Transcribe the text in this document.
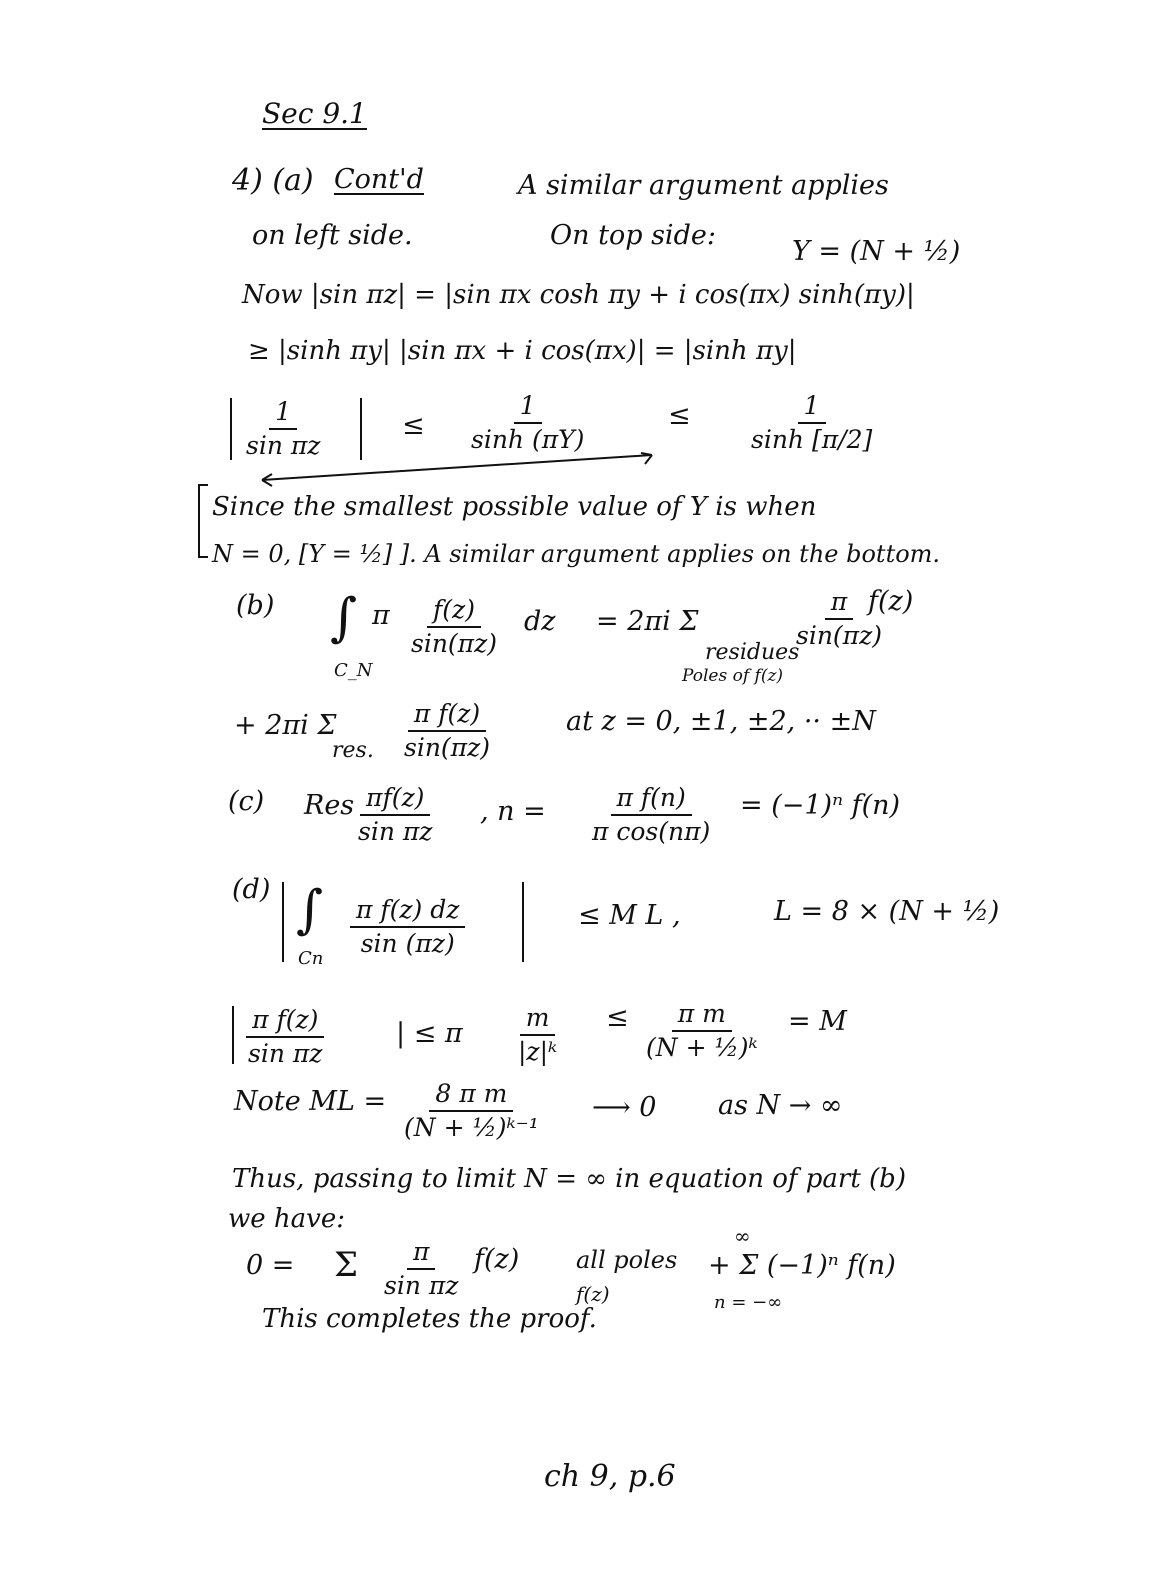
Sec 9.1
4) (a) Cont'd	A similar argument applies
on left side.	On top side:
Y = (N + ½)
Now |sin πz| = |sin πx cosh πy + i cos(πx) sinh(πy)|
≥ |sinh πy| |sin πx + i cos(πx)| = |sinh πy|
$\frac{1}{\text{sin πz}}$	≤ $\frac{1}{\sinh (\pi Y)}$	≤ $\frac{1}{\sinh [\pi/2]}$
Since the smallest possible value of Y is when
N = 0, [Y = ½] ]. A similar argument applies on the bottom.
(b) ∫
C_N
π $\frac{f(z)}{\sin(\pi z)}$ dz = 2πi Σ	$\frac{\pi}{\sin(\pi z)}$
f(z)
residues
Poles of f(z)
+ 2πi Σ
res. $\frac{\text{π f(z)}}{\sin(\pi z)}$	at z = 0, ±1, ±2, ·· ±N
(c) Res
$\frac{\pi f(z)}{\text{sin πz}}$ , $n = \frac{\text{π f(n)}}{\text{π cos(nπ)}} = (-1)^n$ f(n)
(d) ∫
Cn
$\frac{\text{π f(z) dz}}{\sin (\pi z)}$	≤ M L ,	L = 8 × (N + ½)
$\frac{\text{π f(z)}}{\text{sin πz}}$	| ≤ π $\frac{m}{\text{|z|ᵏ}} \le \frac{\text{π m}}{\text{(N + ½)ᵏ}} = M$
Note ML = $\frac{\text{8 π m}}{\text{(N + ½)ᵏ⁻¹}}$ ⟶ 0 as N → ∞
Thus, passing to limit N = ∞ in equation of part (b)
we have:
0 = Σ $\frac{\pi}{\text{sin πz}} f(z)$ all poles
f(z)
∞
+ Σ (−1)ⁿ f(n)
n = −∞
This completes the proof.
ch 9, p.6
